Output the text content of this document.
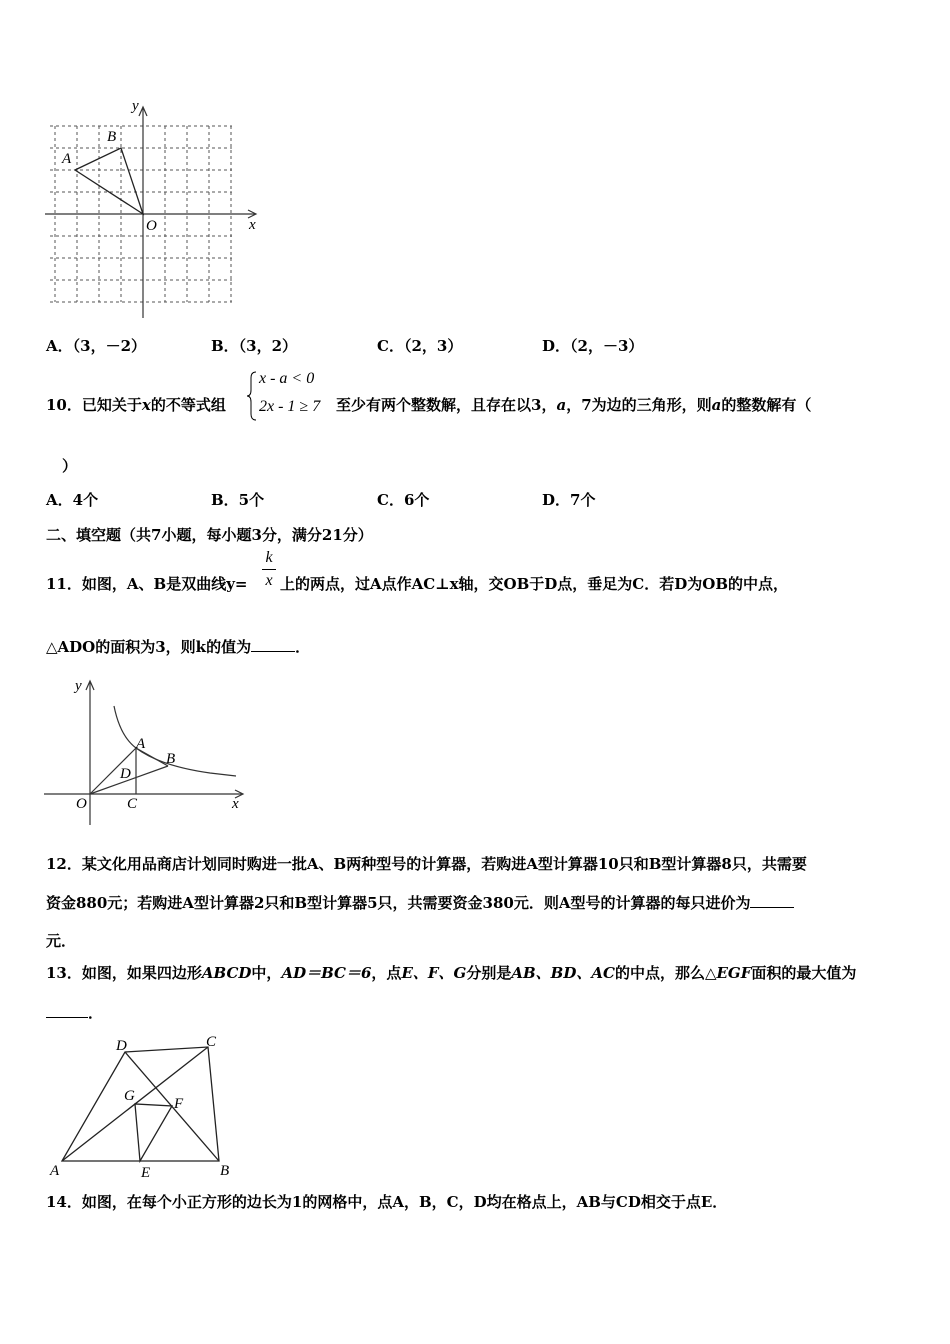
y
x
O
A
B
A．（3，－2）	B．（3，2）	C．（2，3）	D．（2，－3）
10．已知关于x的不等式组
x - a < 0
2x - 1 ≥ 7 至少有两个整数解，且存在以3，a，7为边的三角形，则a的整数解有（
）
A．4个	B．5个	C．6个	D．7个
二、填空题（共7小题，每小题3分，满分21分）
11．如图，A、B是双曲线y=
k
x 上的两点，过A点作AC⊥x轴，交OB于D点，垂足为C．若D为OB的中点，
△ADO的面积为3，则k的值为	．
y
x
O
A
B
C
D
12．某文化用品商店计划同时购进一批A、B两种型号的计算器，若购进A型计算器10只和B型计算器8只，共需要
资金880元；若购进A型计算器2只和B型计算器5只，共需要资金380元．则A型号的计算器的每只进价为
元．
13．如图，如果四边形ABCD中，AD＝BC＝6，点E、F、G分别是AB、BD、AC的中点，那么△EGF面积的最大值为
．
A	B
C
D
E
F
G
14．如图，在每个小正方形的边长为1的网格中，点A，B，C，D均在格点上，AB与CD相交于点E．
